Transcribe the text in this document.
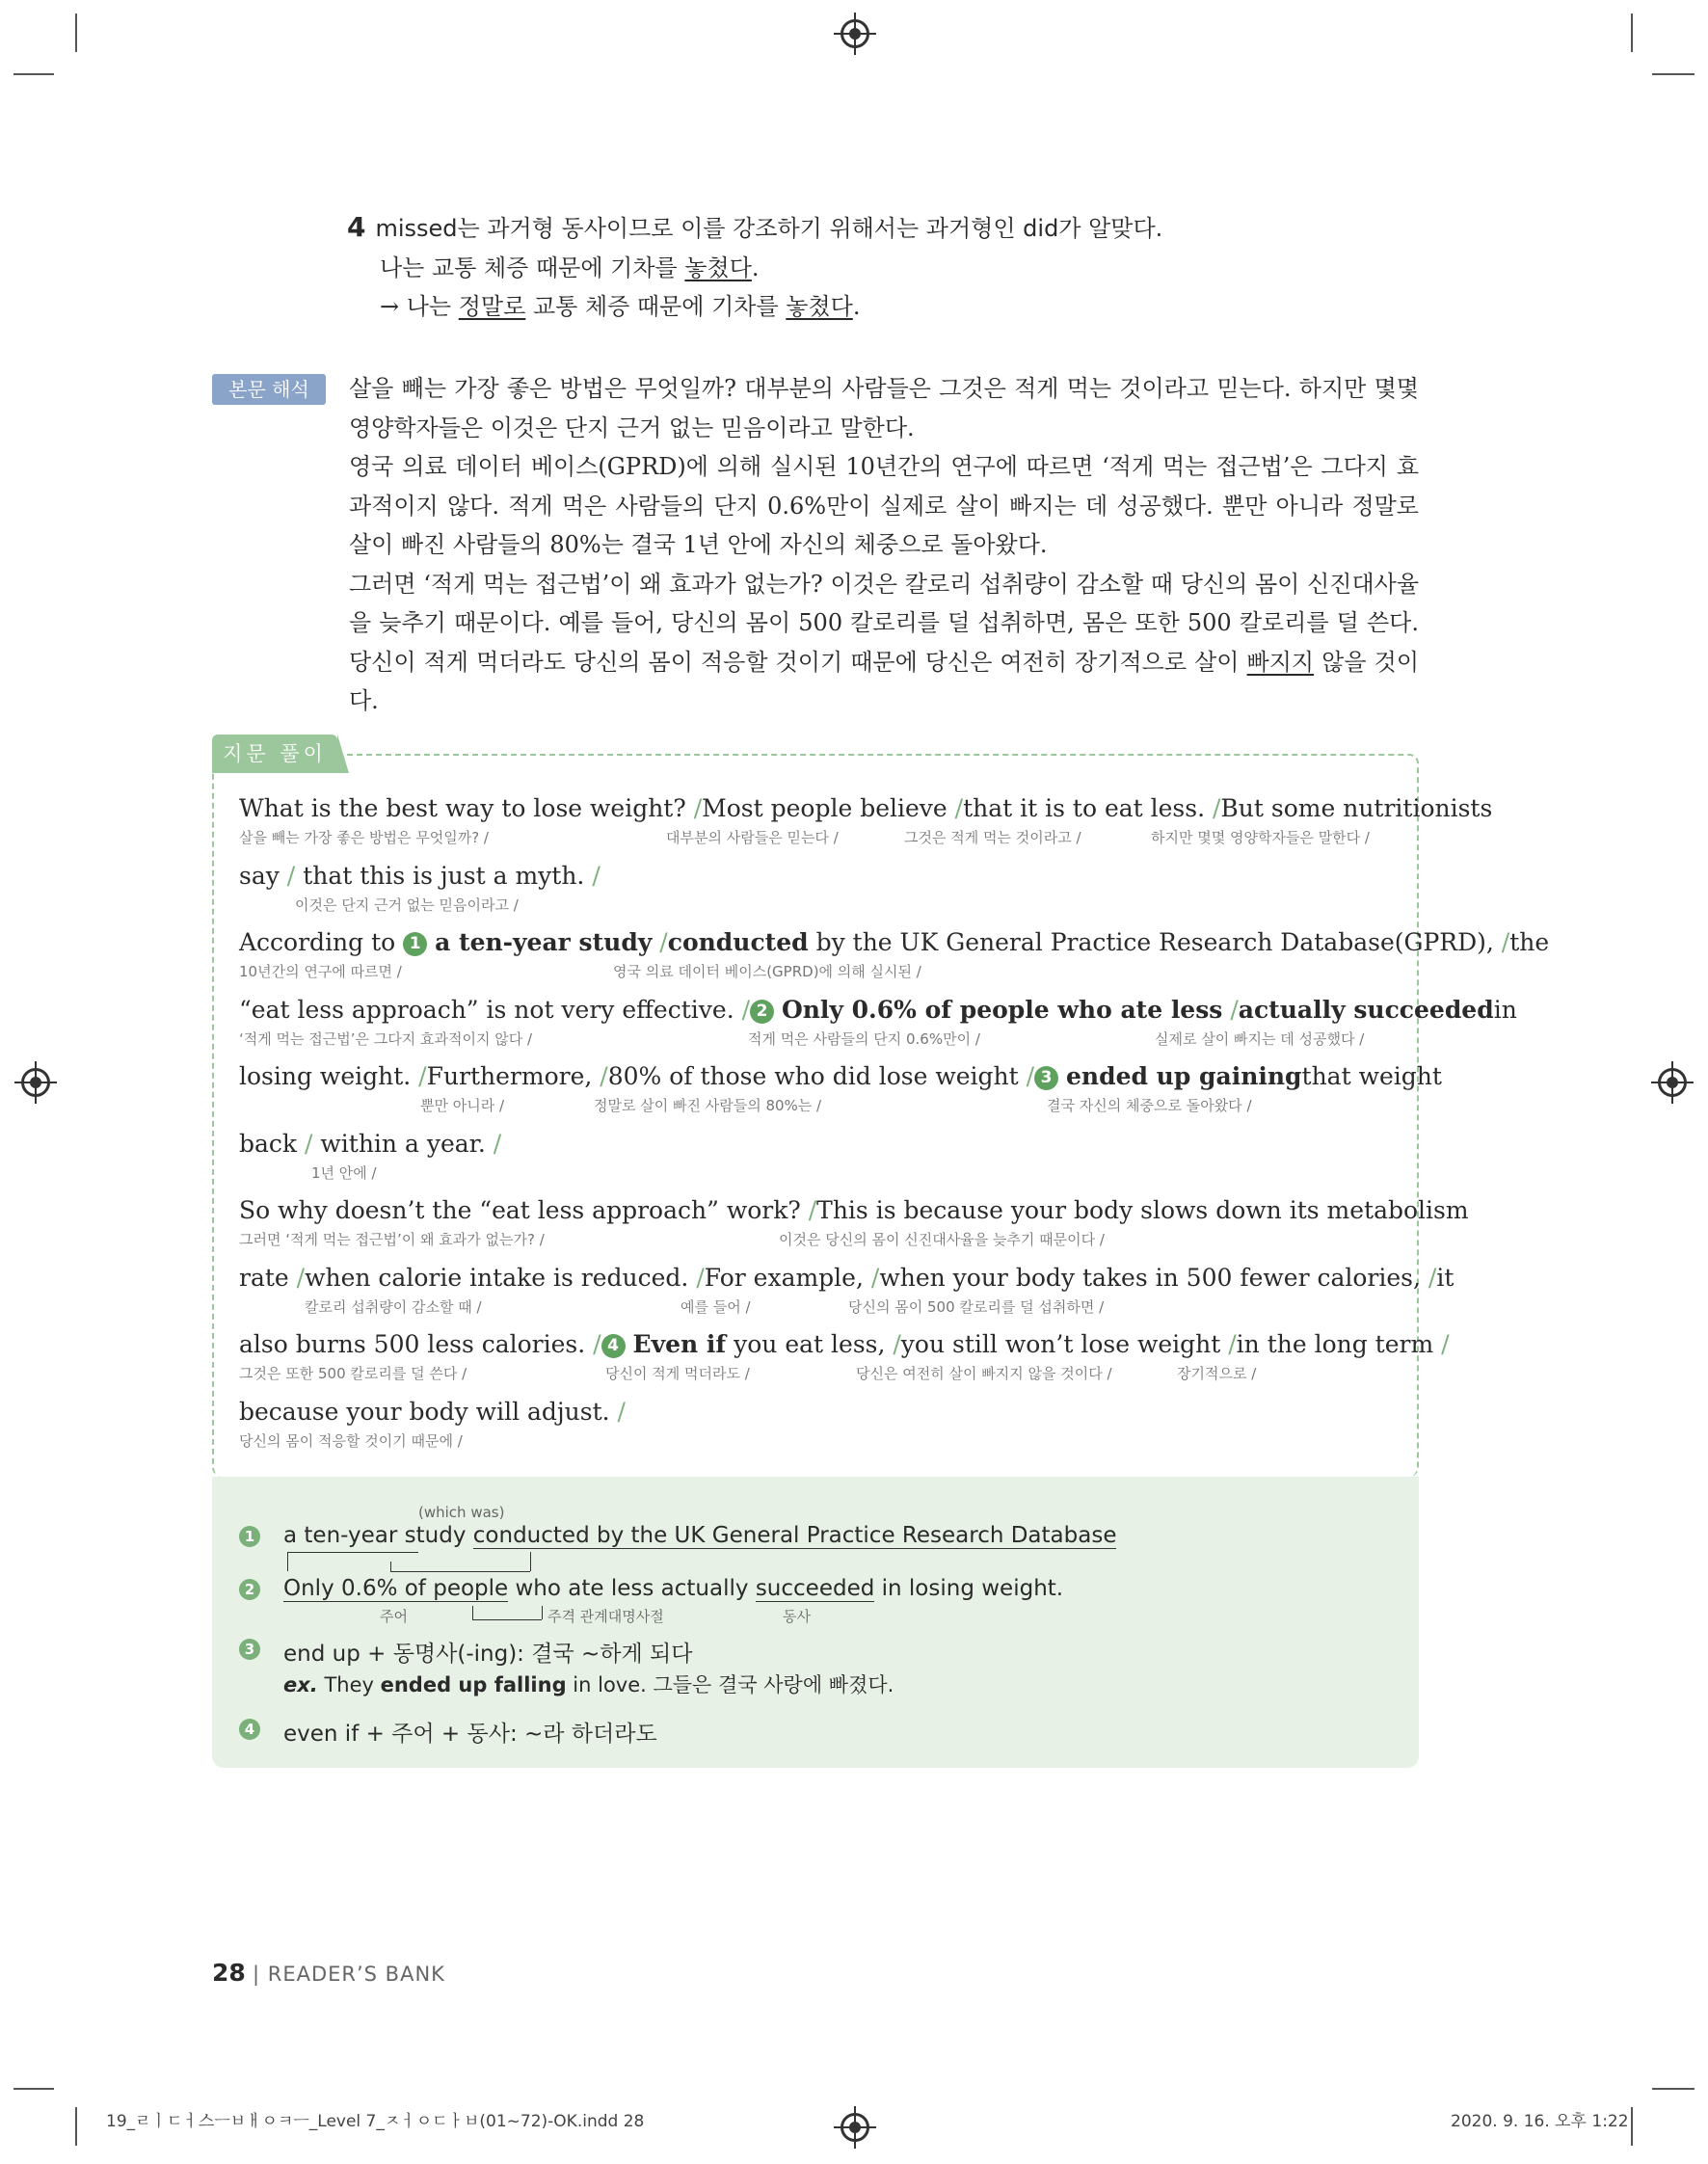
4 missed는 과거형 동사이므로 이를 강조하기 위해서는 과거형인 did가 알맞다.
나는 교통 체증 때문에 기차를 놓쳤다.
→ 나는 정말로 교통 체증 때문에 기차를 놓쳤다.
본문 해석	살을 빼는 가장 좋은 방법은 무엇일까? 대부분의 사람들은 그것은 적게 먹는 것이라고 믿는다. 하지만 몇몇 영양학자들은 이것은 단지 근거 없는 믿음이라고 말한다.

영국 의료 데이터 베이스(GPRD)에 의해 실시된 10년간의 연구에 따르면 ‘적게 먹는 접근법’은 그다지 효과적이지 않다. 적게 먹은 사람들의 단지 0.6%만이 실제로 살이 빠지는 데 성공했다. 뿐만 아니라 정말로 살이 빠진 사람들의 80%는 결국 1년 안에 자신의 체중으로 돌아왔다.

그러면 ‘적게 먹는 접근법’이 왜 효과가 없는가? 이것은 칼로리 섭취량이 감소할 때 당신의 몸이 신진대사율을 늦추기 때문이다. 예를 들어, 당신의 몸이 500 칼로리를 덜 섭취하면, 몸은 또한 500 칼로리를 덜 쓴다. 당신이 적게 먹더라도 당신의 몸이 적응할 것이기 때문에 당신은 여전히 장기적으로 살이 빠지지 않을 것이다.

지문 풀이
What is the best way to lose weight? / Most people believe / that it is to eat less. / But some nutritionists
살을 빼는 가장 좋은 방법은 무엇일까? /	대부분의 사람들은 믿는다 /	그것은 적게 먹는 것이라고 /	하지만 몇몇 영양학자들은 말한다 /
say / that this is just a myth. /
이것은 단지 근거 없는 믿음이라고 /
According to 1 a ten-year study / conducted by the UK General Practice Research Database(GPRD), / the
10년간의 연구에 따르면 /	영국 의료 데이터 베이스(GPRD)에 의해 실시된 /
“eat less approach” is not very effective. / 2 Only 0.6% of people who ate less / actually succeeded in
‘적게 먹는 접근법’은 그다지 효과적이지 않다 /	적게 먹은 사람들의 단지 0.6%만이 /	실제로 살이 빠지는 데 성공했다 /
losing weight. / Furthermore, / 80% of those who did lose weight / 3 ended up gaining that weight
뿐만 아니라 /	정말로 살이 빠진 사람들의 80%는 /	결국 자신의 체중으로 돌아왔다 /
back / within a year. /
1년 안에 /
So why doesn’t the “eat less approach” work? / This is because your body slows down its metabolism
그러면 ‘적게 먹는 접근법’이 왜 효과가 없는가? /	이것은 당신의 몸이 신진대사율을 늦추기 때문이다 /
rate / when calorie intake is reduced. / For example, / when your body takes in 500 fewer calories, / it
칼로리 섭취량이 감소할 때 /	예를 들어 /	당신의 몸이 500 칼로리를 덜 섭취하면 /
also burns 500 less calories. / 4 Even if you eat less, / you still won’t lose weight / in the long term /
그것은 또한 500 칼로리를 덜 쓴다 /	당신이 적게 먹더라도 /	당신은 여전히 살이 빠지지 않을 것이다 /	장기적으로 /
because your body will adjust. /
당신의 몸이 적응할 것이기 때문에 /
1 a ten-year study conducted by the UK General Practice Research Database
(which was)
2 Only 0.6% of people who ate less actually succeeded in losing weight.
주어	주격 관계대명사절	동사
3 end up + 동명사(-ing): 결국 ~하게 되다
ex. They ended up falling in love. 그들은 결국 사랑에 빠졌다.
4 even if + 주어 + 동사: ~라 하더라도
28 | READER’S BANK
19_ㄹㅣㄷㅓ스ㅡㅂㅐㅇㅋㅡ_Level 7_ㅈㅓㅇㄷㅏㅂ(01~72)-OK.indd 28	2020. 9. 16. 오후 1:22
